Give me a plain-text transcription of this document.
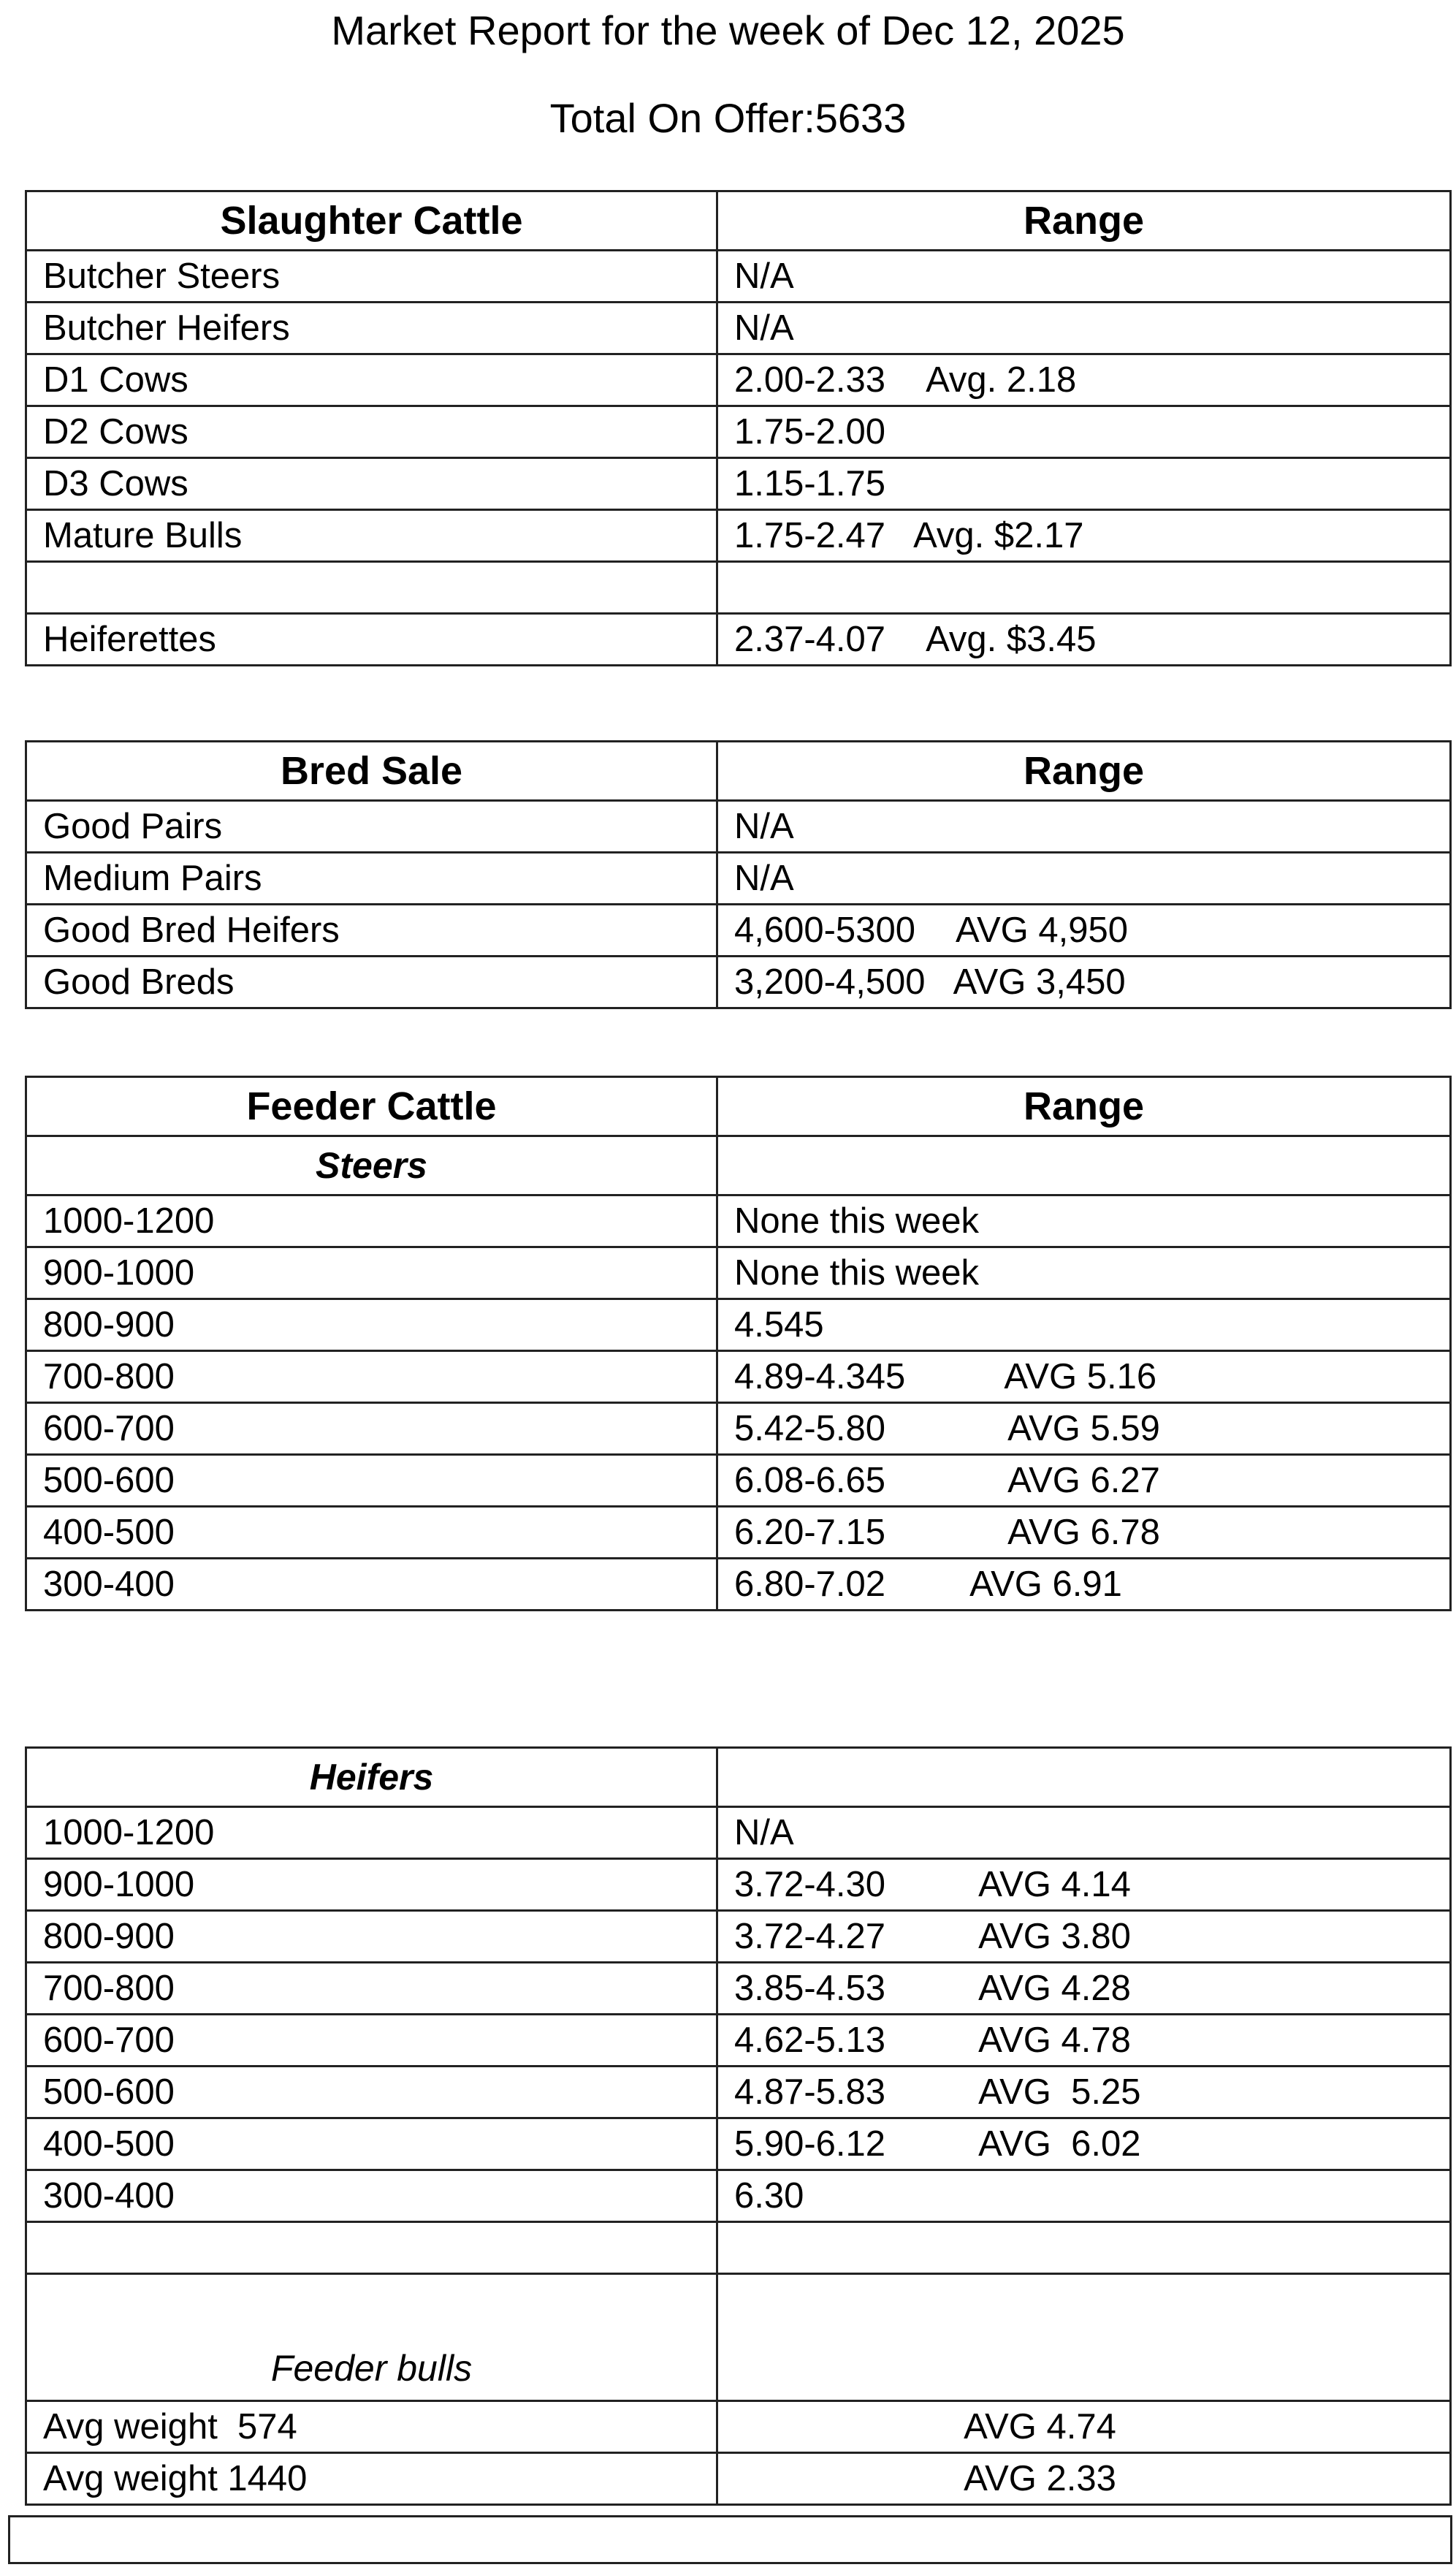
Market Report for the week of Dec 12, 2025
Total On Offer:5633
Slaughter Cattle	Range
Butcher Steers	N/A
Butcher Heifers	N/A
D1 Cows	2.00-2.33 Avg. 2.18
D2 Cows	1.75-2.00
D3 Cows	1.15-1.75
Mature Bulls	1.75-2.47 Avg. $2.17

Heiferettes	2.37-4.07 Avg. $3.45
Bred Sale	Range
Good Pairs	N/A
Medium Pairs	N/A
Good Bred Heifers	4,600-5300 AVG 4,950
Good Breds	3,200-4,500 AVG 3,450
Feeder Cattle	Range
Steers	
1000-1200	None this week
900-1000	None this week
800-900	4.545
700-800	4.89-4.345 AVG 5.16
600-700	5.42-5.80 AVG 5.59
500-600	6.08-6.65 AVG 6.27
400-500	6.20-7.15 AVG 6.78
300-400	6.80-7.02 AVG 6.91
Heifers	
1000-1200	N/A
900-1000	3.72-4.30 AVG 4.14
800-900	3.72-4.27 AVG 3.80
700-800	3.85-4.53 AVG 4.28
600-700	4.62-5.13 AVG 4.78
500-600	4.87-5.83 AVG  5.25
400-500	5.90-6.12 AVG  6.02
300-400	6.30

Feeder bulls	
Avg weight  574	AVG 4.74
Avg weight 1440	AVG 2.33
